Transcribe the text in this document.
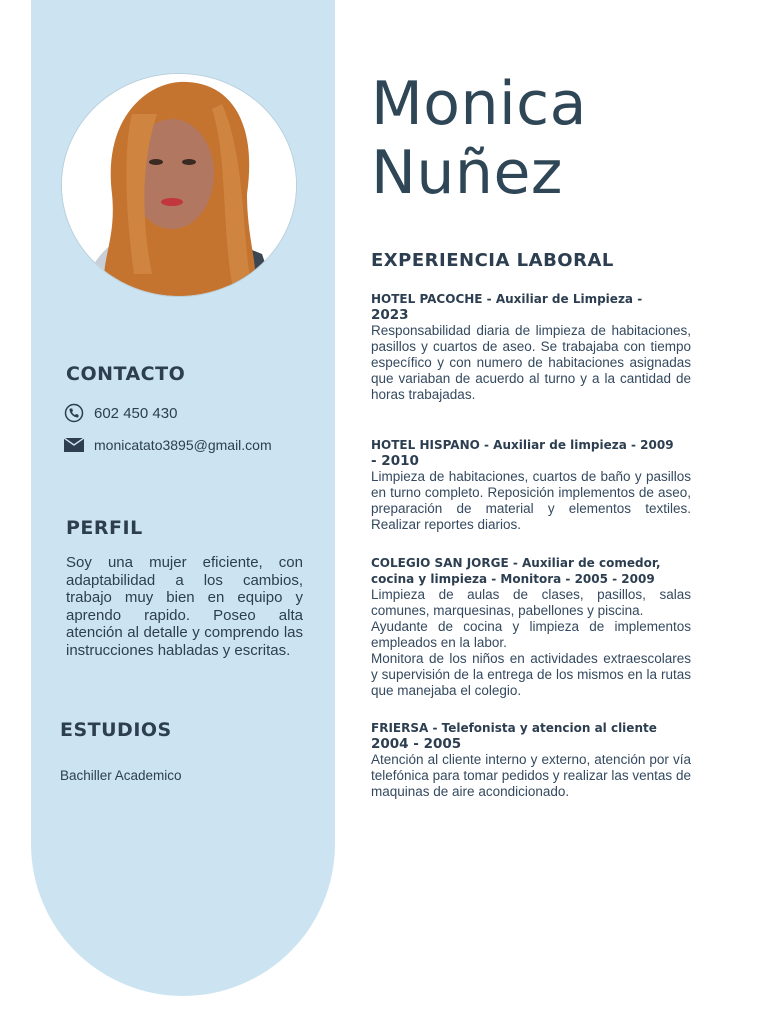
CONTACTO
602 450 430
monicatato3895@gmail.com
PERFIL

Soy una mujer eficiente, con adaptabilidad a los cambios, trabajo muy bien en equipo y aprendo rapido. Poseo alta atención al detalle y comprendo las instrucciones habladas y escritas.

ESTUDIOS

Bachiller Academico

Monica
Nuñez
EXPERIENCIA LABORAL

HOTEL PACOCHE - Auxiliar de Limpieza -
2023

Responsabilidad diaria de limpieza de habitaciones, pasillos y cuartos de aseo. Se trabajaba con tiempo específico y con numero de habitaciones asignadas que variaban de acuerdo al turno y a la cantidad de horas trabajadas.

HOTEL HISPANO - Auxiliar de limpieza - 2009
- 2010

Limpieza de habitaciones, cuartos de baño y pasillos en turno completo. Reposición implementos de aseo, preparación de material y elementos textiles. Realizar reportes diarios.

COLEGIO SAN JORGE - Auxiliar de comedor,
cocina y limpieza - Monitora - 2005 - 2009

Limpieza de aulas de clases, pasillos, salas comunes, marquesinas, pabellones y piscina.

Ayudante de cocina y limpieza de implementos empleados en la labor.

Monitora de los niños en actividades extraescolares y supervisión de la entrega de los mismos en la rutas que manejaba el colegio.

FRIERSA - Telefonista y atencion al cliente
2004 - 2005

Atención al cliente interno y externo, atención por vía telefónica para tomar pedidos y realizar las ventas de maquinas de aire acondicionado.
